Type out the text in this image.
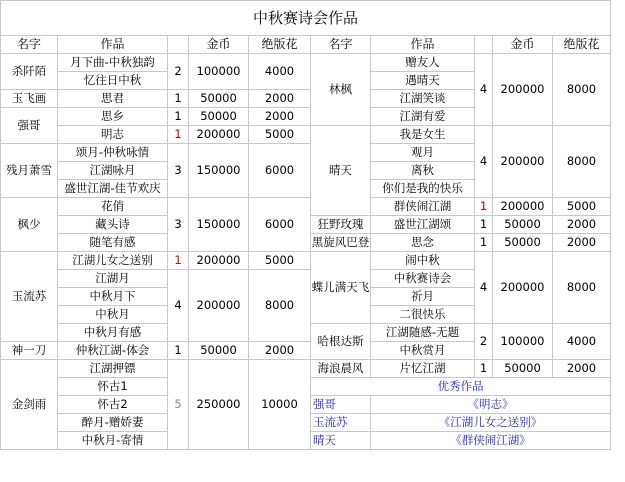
中秋赛诗会作品									
名字	作品		金币	绝版花	名字	作品		金币	绝版花
杀阡陌	月下曲-中秋独韵	2	100000	4000	林枫	赠友人	4	200000	8000
	忆往日中秋					遇晴天			
玉飞画	思君	1	50000	2000		江湖笑谈			
强哥	思乡	1	50000	2000		江湖有爱			
	明志	1	200000	5000	晴天	我是女生	4	200000	8000
残月萧雪	颂月-仲秋咏情	3	150000	6000		观月			
	江湖咏月					离秋			
	盛世江湖-佳节欢庆					你们是我的快乐			
枫少	花俏	3	150000	6000		群侠闹江湖	1	200000	5000
	藏头诗				狂野玫瑰	盛世江湖颂	1	50000	2000
	随笔有感				黑旋风巴登	思念	1	50000	2000
玉流苏	江湖儿女之送别	1	200000	5000	蝶儿满天飞	闹中秋	4	200000	8000
	江湖月	4	200000	8000		中秋赛诗会			
	中秋月下					祈月			
	中秋月					二很快乐			
	中秋月有感				哈根达斯	江湖随感-无题	2	100000	4000
神一刀	仲秋江湖-体会	1	50000	2000		中秋赏月			
金剑雨	江湖押镖	5	250000	10000	海浪晨风	片忆江湖	1	50000	2000
	怀古1				优秀作品				
	怀古2				强哥	《明志》			
	醉月-赠娇妻				玉流苏	《江湖儿女之送别》			
	中秋月-寄情				晴天	《群侠闹江湖》			
